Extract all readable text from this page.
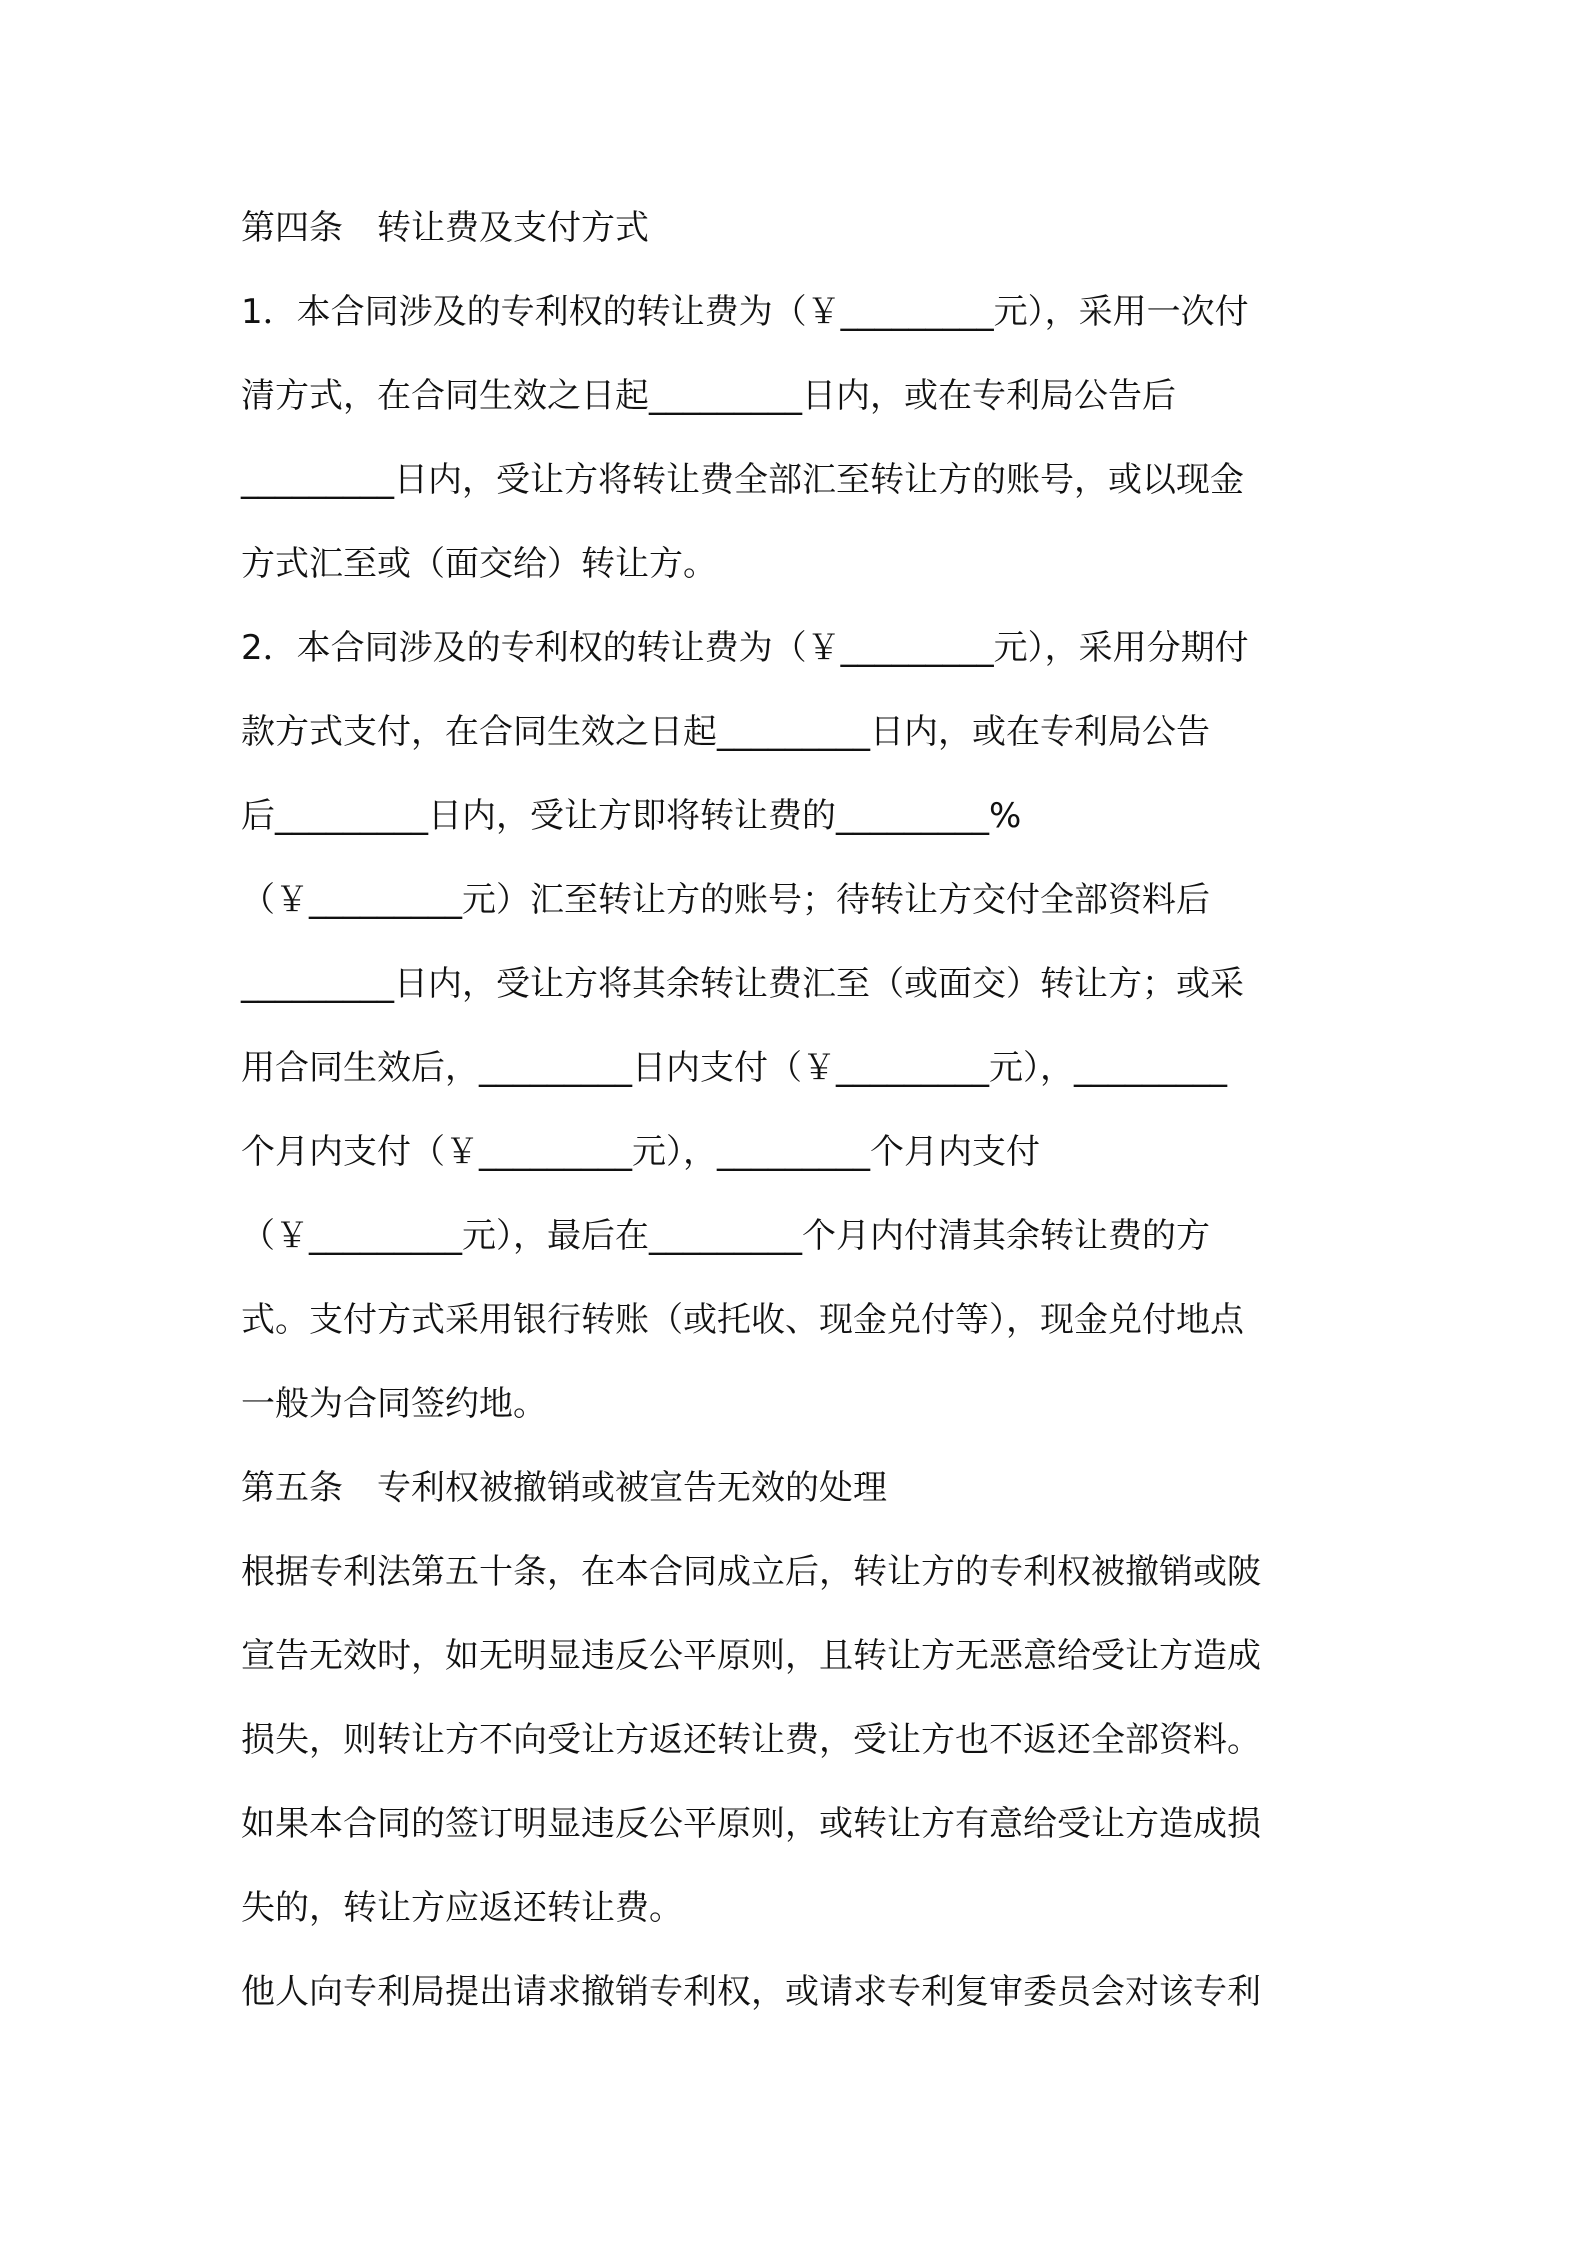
第四条　转让费及支付方式
1．本合同涉及的专利权的转让费为（￥_________元），采用一次付
清方式，在合同生效之日起_________日内，或在专利局公告后
_________日内，受让方将转让费全部汇至转让方的账号，或以现金
方式汇至或（面交给）转让方。
2．本合同涉及的专利权的转让费为（￥_________元），采用分期付
款方式支付，在合同生效之日起_________日内，或在专利局公告
后_________日内，受让方即将转让费的_________%
（￥_________元）汇至转让方的账号；待转让方交付全部资料后
_________日内，受让方将其余转让费汇至（或面交）转让方；或采
用合同生效后，_________日内支付（￥_________元），_________
个月内支付（￥_________元），_________个月内支付
（￥_________元），最后在_________个月内付清其余转让费的方
式。支付方式采用银行转账（或托收、现金兑付等），现金兑付地点
一般为合同签约地。
第五条　专利权被撤销或被宣告无效的处理
根据专利法第五十条，在本合同成立后，转让方的专利权被撤销或陂
宣告无效时，如无明显违反公平原则，且转让方无恶意给受让方造成
损失，则转让方不向受让方返还转让费，受让方也不返还全部资料。
如果本合同的签订明显违反公平原则，或转让方有意给受让方造成损
失的，转让方应返还转让费。
他人向专利局提出请求撤销专利权，或请求专利复审委员会对该专利
